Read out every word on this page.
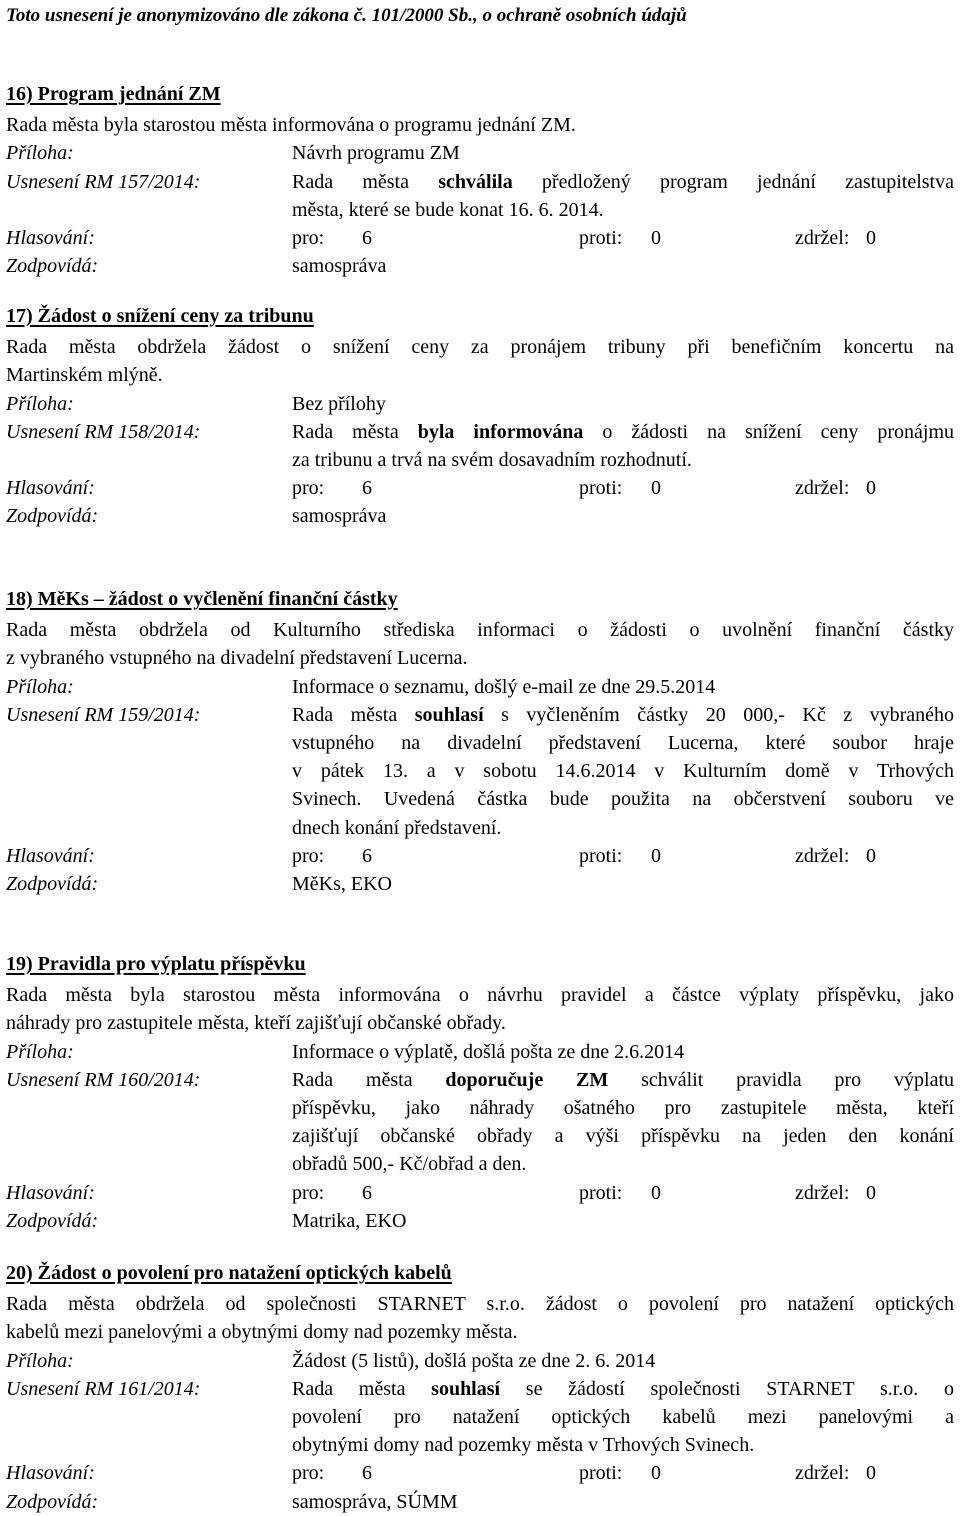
Toto usnesení je anonymizováno dle zákona č. 101/2000 Sb., o ochraně osobních údajů
16) Program jednání ZM
Rada města byla starostou města informována o programu jednání ZM.
Příloha:	Návrh programu ZM
Usnesení RM 157/2014:	Rada města schválila předložený program jednání zastupitelstva
města, které se bude konat 16. 6. 2014.
Hlasování:	pro: 6	proti: 0	zdržel: 0
Zodpovídá:	samospráva
17) Žádost o snížení ceny za tribunu
Rada města obdržela žádost o snížení ceny za pronájem tribuny při benefičním koncertu na
Martinském mlýně.
Příloha:	Bez přílohy
Usnesení RM 158/2014:	Rada města byla informována o žádosti na snížení ceny pronájmu
za tribunu a trvá na svém dosavadním rozhodnutí.
Hlasování:	pro: 6	proti: 0	zdržel: 0
Zodpovídá:	samospráva
18) MěKs – žádost o vyčlenění finanční částky
Rada města obdržela od Kulturního střediska informaci o žádosti o uvolnění finanční částky
z vybraného vstupného na divadelní představení Lucerna.
Příloha:	Informace o seznamu, došlý e-mail ze dne 29.5.2014
Usnesení RM 159/2014:	Rada města souhlasí s vyčleněním částky 20 000,- Kč z vybraného
vstupného na divadelní představení Lucerna, které soubor hraje
v pátek 13. a v sobotu 14.6.2014 v Kulturním domě v Trhových
Svinech. Uvedená částka bude použita na občerstvení souboru ve
dnech konání představení.
Hlasování:	pro: 6	proti: 0	zdržel: 0
Zodpovídá:	MěKs, EKO
19) Pravidla pro výplatu příspěvku
Rada města byla starostou města informována o návrhu pravidel a částce výplaty příspěvku, jako
náhrady pro zastupitele města, kteří zajišťují občanské obřady.
Příloha:	Informace o výplatě, došlá pošta ze dne 2.6.2014
Usnesení RM 160/2014:	Rada města doporučuje ZM schválit pravidla pro výplatu
příspěvku, jako náhrady ošatného pro zastupitele města, kteří
zajišťují občanské obřady a výši příspěvku na jeden den konání
obřadů 500,- Kč/obřad a den.
Hlasování:	pro: 6	proti: 0	zdržel: 0
Zodpovídá:	Matrika, EKO
20) Žádost o povolení pro natažení optických kabelů
Rada města obdržela od společnosti STARNET s.r.o. žádost o povolení pro natažení optických
kabelů mezi panelovými a obytnými domy nad pozemky města.
Příloha:	Žádost (5 listů), došlá pošta ze dne 2. 6. 2014
Usnesení RM 161/2014:	Rada města souhlasí se žádostí společnosti STARNET s.r.o. o
povolení pro natažení optických kabelů mezi panelovými a
obytnými domy nad pozemky města v Trhových Svinech.
Hlasování:	pro: 6	proti: 0	zdržel: 0
Zodpovídá:	samospráva, SÚMM
